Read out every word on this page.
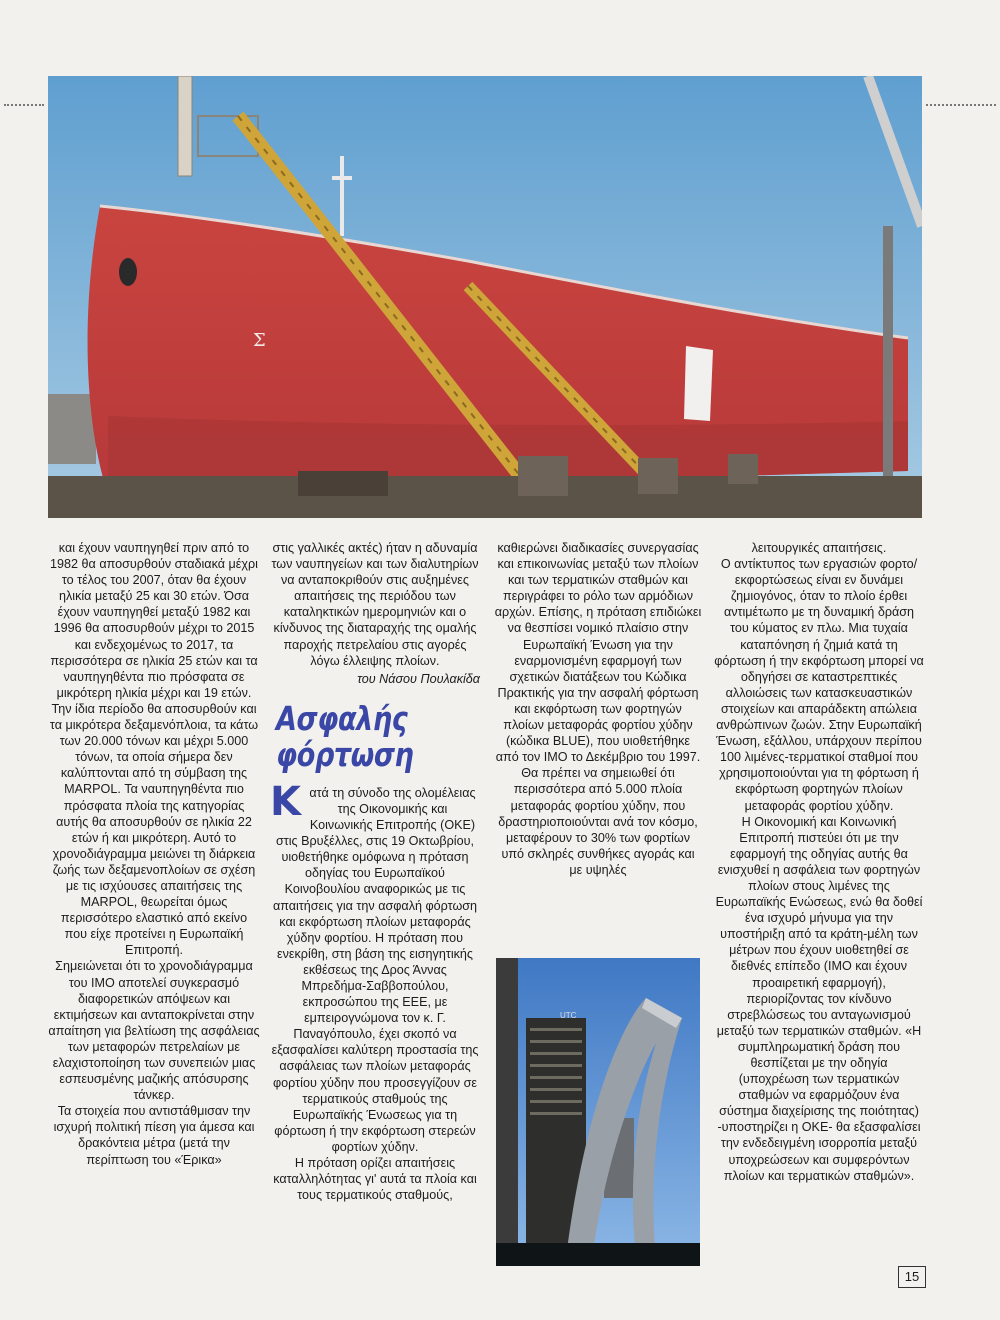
Σ

και έχουν ναυπηγηθεί πριν από το 1982 θα αποσυρθούν σταδιακά μέχρι το τέλος του 2007, όταν θα έχουν ηλικία μεταξύ 25 και 30 ετών. Όσα έχουν ναυπηγηθεί μεταξύ 1982 και 1996 θα αποσυρθούν μέχρι το 2015 και ενδεχομένως το 2017, τα περισσότερα σε ηλικία 25 ετών και τα ναυπηγηθέντα πιο πρόσφατα σε μικρότερη ηλικία μέχρι και 19 ετών. Την ίδια περίοδο θα αποσυρθούν και τα μικρότερα δεξαμενόπλοια, τα κάτω των 20.000 τόνων και μέχρι 5.000 τόνων, τα οποία σήμερα δεν καλύπτονται από τη σύμβαση της MARPOL. Τα ναυπηγηθέντα πιο πρόσφατα πλοία της κατηγορίας αυτής θα αποσυρθούν σε ηλικία 22 ετών ή και μικρότερη. Αυτό το χρονοδιάγραμμα μειώνει τη διάρκεια ζωής των δεξαμενοπλοίων σε σχέση με τις ισχύουσες απαιτήσεις της MARPOL, θεωρείται όμως περισσότερο ελαστικό από εκείνο που είχε προτείνει η Ευρωπαϊκή Επιτροπή.

Σημειώνεται ότι το χρονοδιάγραμμα του ΙΜΟ αποτελεί συγκερασμό διαφορετικών απόψεων και εκτιμήσεων και ανταποκρίνεται στην απαίτηση για βελτίωση της ασφάλειας των μεταφορών πετρελαίων με ελαχιστοποίηση των συνεπειών μιας εσπευσμένης μαζικής απόσυρσης τάνκερ.

Τα στοιχεία που αντιστάθμισαν την ισχυρή πολιτική πίεση για άμεσα και δρακόντεια μέτρα (μετά την περίπτωση του «Έρικα»

στις γαλλικές ακτές) ήταν η αδυναμία των ναυπηγείων και των διαλυτηρίων να ανταποκριθούν στις αυξημένες απαιτήσεις της περιόδου των καταληκτικών ημερομηνιών και ο κίνδυνος της διαταραχής της ομαλής παροχής πετρελαίου στις αγορές λόγω έλλειψης πλοίων.

του Νάσου Πουλακίδα

Ασφαλής
φόρτωση

Κατά τη σύνοδο της ολομέλειας της Οικονομικής και Κοινωνικής Επιτροπής (ΟΚΕ) στις Βρυξέλλες, στις 19 Οκτωβρίου, υιοθετήθηκε ομόφωνα η πρόταση οδηγίας του Ευρωπαϊκού Κοινοβουλίου αναφορικώς με τις απαιτήσεις για την ασφαλή φόρτωση και εκφόρτωση πλοίων μεταφοράς χύδην φορτίου. Η πρόταση που ενεκρίθη, στη βάση της εισηγητικής εκθέσεως της Δρος Άννας Μπρεδήμα-Σαββοπούλου, εκπροσώπου της ΕΕΕ, με εμπειρογνώμονα τον κ. Γ. Παναγόπουλο, έχει σκοπό να εξασφαλίσει καλύτερη προστασία της ασφάλειας των πλοίων μεταφοράς φορτίου χύδην που προσεγγίζουν σε τερματικούς σταθμούς της Ευρωπαϊκής Ένωσεως για τη φόρτωση ή την εκφόρτωση στερεών φορτίων χύδην.

Η πρόταση ορίζει απαιτήσεις καταλληλότητας γι' αυτά τα πλοία και τους τερματικούς σταθμούς,

καθιερώνει διαδικασίες συνεργασίας και επικοινωνίας μεταξύ των πλοίων και των τερματικών σταθμών και περιγράφει το ρόλο των αρμόδιων αρχών. Επίσης, η πρόταση επιδιώκει να θεσπίσει νομικό πλαίσιο στην Ευρωπαϊκή Ένωση για την εναρμονισμένη εφαρμογή των σχετικών διατάξεων του Κώδικα Πρακτικής για την ασφαλή φόρτωση και εκφόρτωση των φορτηγών πλοίων μεταφοράς φορτίου χύδην (κώδικα BLUE), που υιοθετήθηκε από τον ΙΜΟ το Δεκέμβριο του 1997. Θα πρέπει να σημειωθεί ότι περισσότερα από 5.000 πλοία μεταφοράς φορτίου χύδην, που δραστηριοποιούνται ανά τον κόσμο, μεταφέρουν το 30% των φορτίων υπό σκληρές συνθήκες αγοράς και με υψηλές

UTC

λειτουργικές απαιτήσεις.

Ο αντίκτυπος των εργασιών φορτο/εκφορτώσεως είναι εν δυνάμει ζημιογόνος, όταν το πλοίο έρθει αντιμέτωπο με τη δυναμική δράση του κύματος εν πλω. Μια τυχαία καταπόνηση ή ζημιά κατά τη φόρτωση ή την εκφόρτωση μπορεί να οδηγήσει σε καταστρεπτικές αλλοιώσεις των κατασκευαστικών στοιχείων και απαράδεκτη απώλεια ανθρώπινων ζωών. Στην Ευρωπαϊκή Ένωση, εξάλλου, υπάρχουν περίπου 100 λιμένες-τερματικοί σταθμοί που χρησιμοποιούνται για τη φόρτωση ή εκφόρτωση φορτηγών πλοίων μεταφοράς φορτίου χύδην.

Η Οικονομική και Κοινωνική Επιτροπή πιστεύει ότι με την εφαρμογή της οδηγίας αυτής θα ενισχυθεί η ασφάλεια των φορτηγών πλοίων στους λιμένες της Ευρωπαϊκής Ενώσεως, ενώ θα δοθεί ένα ισχυρό μήνυμα για την υποστήριξη από τα κράτη-μέλη των μέτρων που έχουν υιοθετηθεί σε διεθνές επίπεδο (ΙΜΟ και έχουν προαιρετική εφαρμογή), περιορίζοντας τον κίνδυνο στρεβλώσεως του ανταγωνισμού μεταξύ των τερματικών σταθμών. «Η συμπληρωματική δράση που θεσπίζεται με την οδηγία (υποχρέωση των τερματικών σταθμών να εφαρμόζουν ένα σύστημα διαχείρισης της ποιότητας) -υποστηρίζει η ΟΚΕ- θα εξασφαλίσει την ενδεδειγμένη ισορροπία μεταξύ υποχρεώσεων και συμφερόντων πλοίων και τερματικών σταθμών».

15
